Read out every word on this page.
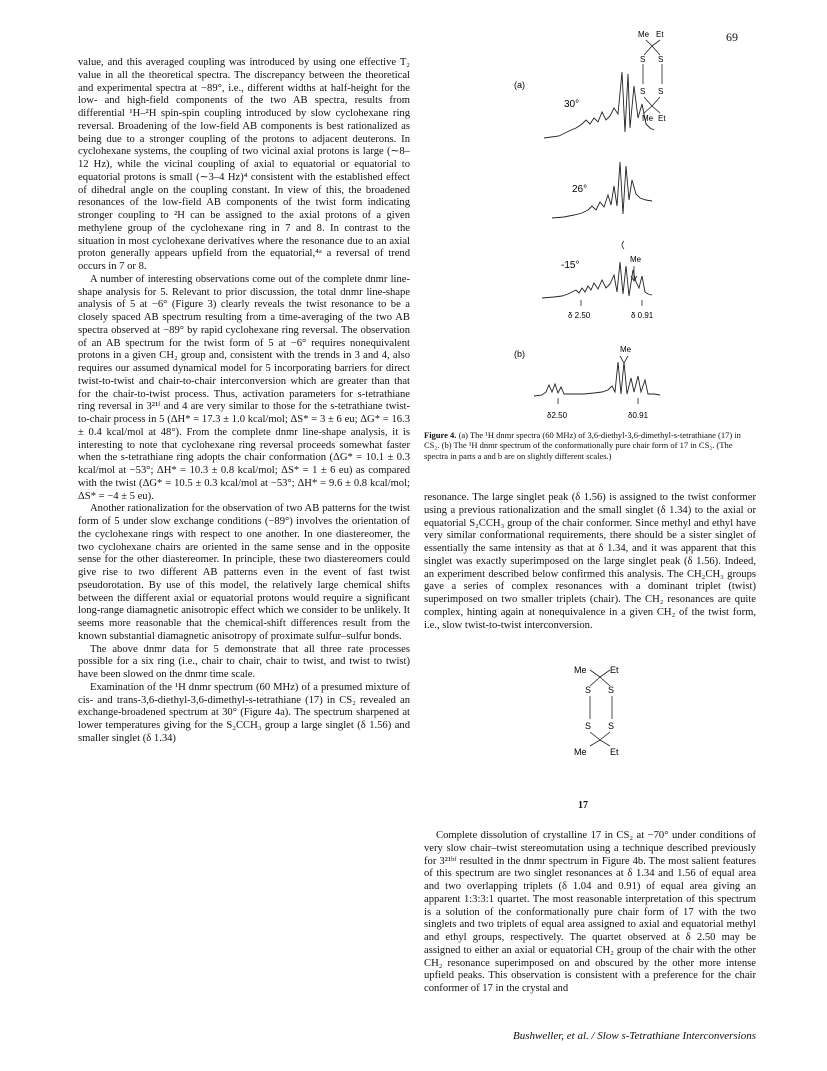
69

value, and this averaged coupling was introduced by using one effective T₂ value in all the theoretical spectra. The discrepancy between the theoretical and experimental spectra at −89°, i.e., different widths at half-height for the low- and high-field components of the two AB spectra, results from differential ¹H–²H spin-spin coupling introduced by slow cyclohexane ring reversal. Broadening of the low-field AB components is best rationalized as being due to a stronger coupling of the protons to adjacent deuterons. In cyclohexane systems, the coupling of two vicinal axial protons is large (∼8–12 Hz), while the vicinal coupling of axial to equatorial or equatorial to equatorial protons is small (∼3–4 Hz)⁴ consistent with the established effect of dihedral angle on the coupling constant. In view of this, the broadened resonances of the low-field AB components of the twist form indicating stronger coupling to ²H can be assigned to the axial protons of a given methylene group of the cyclohexane ring in 7 and 8. In contrast to the situation in most cyclohexane derivatives where the resonance due to an axial proton generally appears upfield from the equatorial,⁴ᵃ a reversal of trend occurs in 7 or 8.

A number of interesting observations come out of the complete dnmr line-shape analysis for 5. Relevant to prior discussion, the total dnmr line-shape analysis of 5 at −6° (Figure 3) clearly reveals the twist resonance to be a closely spaced AB spectrum resulting from a time-averaging of the two AB spectra observed at −89° by rapid cyclohexane ring reversal. The observation of an AB spectrum for the twist form of 5 at −6° requires nonequivalent protons in a given CH₂ group and, consistent with the trends in 3 and 4, also requires our assumed dynamical model for 5 incorporating barriers for direct twist-to-twist and chair-to-chair interconversion which are greater than that for the chair-to-twist process. Thus, activation parameters for s-tetrathiane ring reversal in 3²¹ᶠ and 4 are very similar to those for the s-tetrathiane twist-to-chair process in 5 (ΔH* = 17.3 ± 1.0 kcal/mol; ΔS* = 3 ± 6 eu; ΔG* = 16.3 ± 0.4 kcal/mol at 48°). From the complete dnmr line-shape analysis, it is interesting to note that cyclohexane ring reversal proceeds somewhat faster when the s-tetrathiane ring adopts the chair conformation (ΔG* = 10.1 ± 0.3 kcal/mol at −53°; ΔH* = 10.3 ± 0.8 kcal/mol; ΔS* = 1 ± 6 eu) as compared with the twist (ΔG* = 10.5 ± 0.3 kcal/mol at −53°; ΔH* = 9.6 ± 0.8 kcal/mol; ΔS* = −4 ± 5 eu).

Another rationalization for the observation of two AB patterns for the twist form of 5 under slow exchange conditions (−89°) involves the orientation of the cyclohexane rings with respect to one another. In one diastereomer, the two cyclohexane chairs are oriented in the same sense and in the opposite sense for the other diastereomer. In principle, these two diastereomers could give rise to two different AB patterns even in the event of fast twist pseudorotation. By use of this model, the relatively large chemical shifts between the different axial or equatorial protons would require a significant long-range diamagnetic anisotropic effect which we consider to be unlikely. It seems more reasonable that the chemical-shift differences result from the known substantial diamagnetic anisotropy of proximate sulfur–sulfur bonds.

The above dnmr data for 5 demonstrate that all three rate processes possible for a six ring (i.e., chair to chair, chair to twist, and twist to twist) have been slowed on the dnmr time scale.

Examination of the ¹H dnmr spectrum (60 MHz) of a presumed mixture of cis- and trans-3,6-diethyl-3,6-dimethyl-s-tetrathiane (17) in CS₂ revealed an exchange-broadened spectrum at 30° (Figure 4a). The spectrum sharpened at lower temperatures giving for the S₂CCH₃ group a large singlet (δ 1.56) and smaller singlet (δ 1.34)

Me Et
S S
S S
Me Et
(a)
30°
26°
Me
-15°
δ 2.50	δ 0.91
(b)	Me
δ2.50	δ0.91
Figure 4. (a) The ¹H dnmr spectra (60 MHz) of 3,6-diethyl-3,6-dimethyl-s-tetrathiane (17) in CS₂. (b) The ¹H dnmr spectrum of the conformationally pure chair form of 17 in CS₂. (The spectra in parts a and b are on slightly different scales.)

resonance. The large singlet peak (δ 1.56) is assigned to the twist conformer using a previous rationalization and the small singlet (δ 1.34) to the axial or equatorial S₂CCH₃ group of the chair conformer. Since methyl and ethyl have very similar conformational requirements, there should be a sister singlet of essentially the same intensity as that at δ 1.34, and it was apparent that this singlet was exactly superimposed on the large singlet peak (δ 1.56). Indeed, an experiment described below confirmed this analysis. The CH₂CH₃ groups gave a series of complex resonances with a dominant triplet (twist) superimposed on two smaller triplets (chair). The CH₂ resonances are quite complex, hinting again at nonequivalence in a given CH₂ of the twist form, i.e., slow twist-to-twist interconversion.

Me	Et
S S
S S
Me	Et
17

Complete dissolution of crystalline 17 in CS₂ at −70° under conditions of very slow chair–twist stereomutation using a technique described previously for 3²¹ᵇᶠ resulted in the dnmr spectrum in Figure 4b. The most salient features of this spectrum are two singlet resonances at δ 1.34 and 1.56 of equal area and two overlapping triplets (δ 1.04 and 0.91) of equal area giving an apparent 1:3:3:1 quartet. The most reasonable interpretation of this spectrum is a solution of the conformationally pure chair form of 17 with the two singlets and two triplets of equal area assigned to axial and equatorial methyl and ethyl groups, respectively. The quartet observed at δ 2.50 may be assigned to either an axial or equatorial CH₂ group of the chair with the other CH₂ resonance superimposed on and obscured by the other more intense upfield peaks. This observation is consistent with a preference for the chair conformer of 17 in the crystal and

Bushweller, et al. / Slow s-Tetrathiane Interconversions
